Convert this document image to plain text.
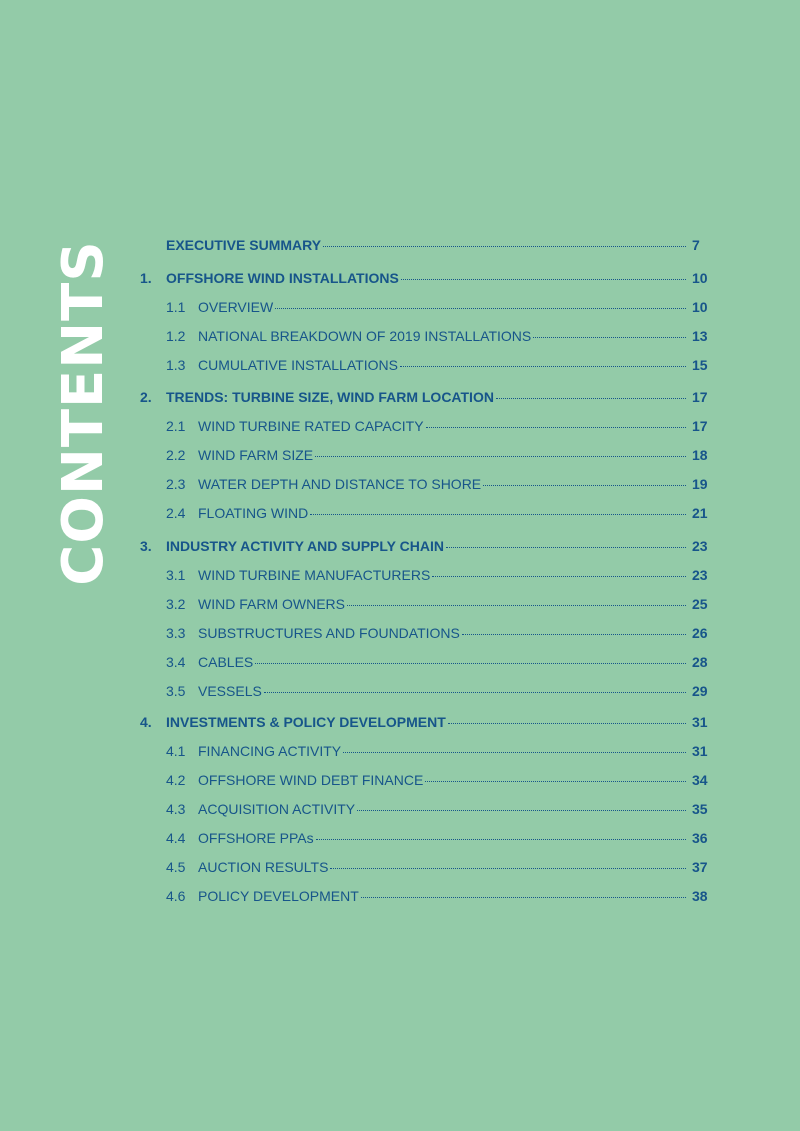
CONTENTS	EXECUTIVE SUMMARY	7
1.	OFFSHORE WIND INSTALLATIONS	10
1.1 OVERVIEW	10
1.2 NATIONAL BREAKDOWN OF 2019 INSTALLATIONS	13
1.3 CUMULATIVE INSTALLATIONS	15
2.	TRENDS: TURBINE SIZE, WIND FARM LOCATION	17
2.1 WIND TURBINE RATED CAPACITY	17
2.2 WIND FARM SIZE	18
2.3 WATER DEPTH AND DISTANCE TO SHORE	19
2.4 FLOATING WIND	21
3.	INDUSTRY ACTIVITY AND SUPPLY CHAIN	23
3.1 WIND TURBINE MANUFACTURERS	23
3.2 WIND FARM OWNERS	25
3.3 SUBSTRUCTURES AND FOUNDATIONS	26
3.4 CABLES	28
3.5 VESSELS	29
4.	INVESTMENTS & POLICY DEVELOPMENT	31
4.1 FINANCING ACTIVITY	31
4.2 OFFSHORE WIND DEBT FINANCE	34
4.3 ACQUISITION ACTIVITY	35
4.4 OFFSHORE PPAs	36
4.5 AUCTION RESULTS	37
4.6 POLICY DEVELOPMENT	38
